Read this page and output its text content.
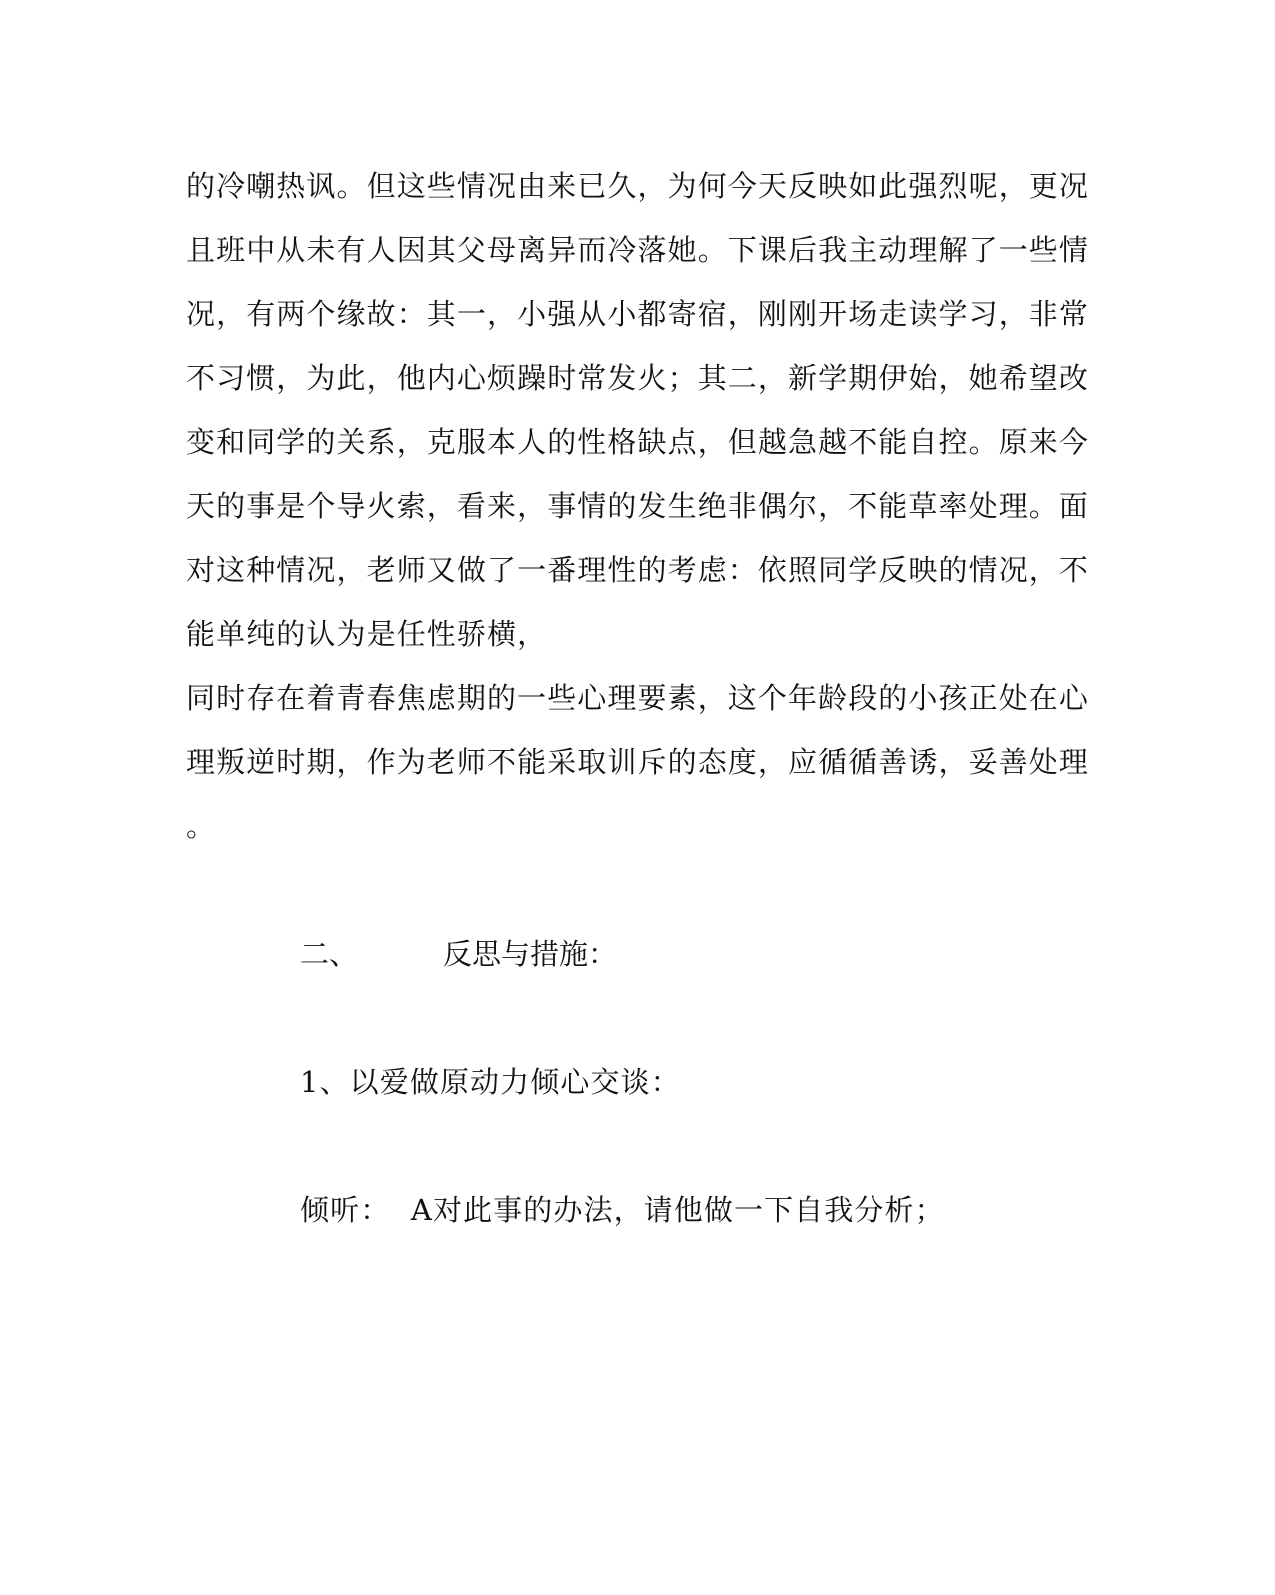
的冷嘲热讽。但这些情况由来已久，为何今天反映如此强烈呢，更况
且班中从未有人因其父母离异而冷落她。下课后我主动理解了一些情
况，有两个缘故：其一，小强从小都寄宿，刚刚开场走读学习，非常
不习惯，为此，他内心烦躁时常发火；其二，新学期伊始，她希望改
变和同学的关系，克服本人的性格缺点，但越急越不能自控。原来今
天的事是个导火索，看来，事情的发生绝非偶尔，不能草率处理。面
对这种情况，老师又做了一番理性的考虑：依照同学反映的情况，不
能单纯的认为是任性骄横，
同时存在着青春焦虑期的一些心理要素，这个年龄段的小孩正处在心
理叛逆时期，作为老师不能采取训斥的态度，应循循善诱，妥善处理
。
二、	反思与措施：
1、以爱做原动力倾心交谈：
倾听：  A对此事的办法，请他做一下自我分析；
